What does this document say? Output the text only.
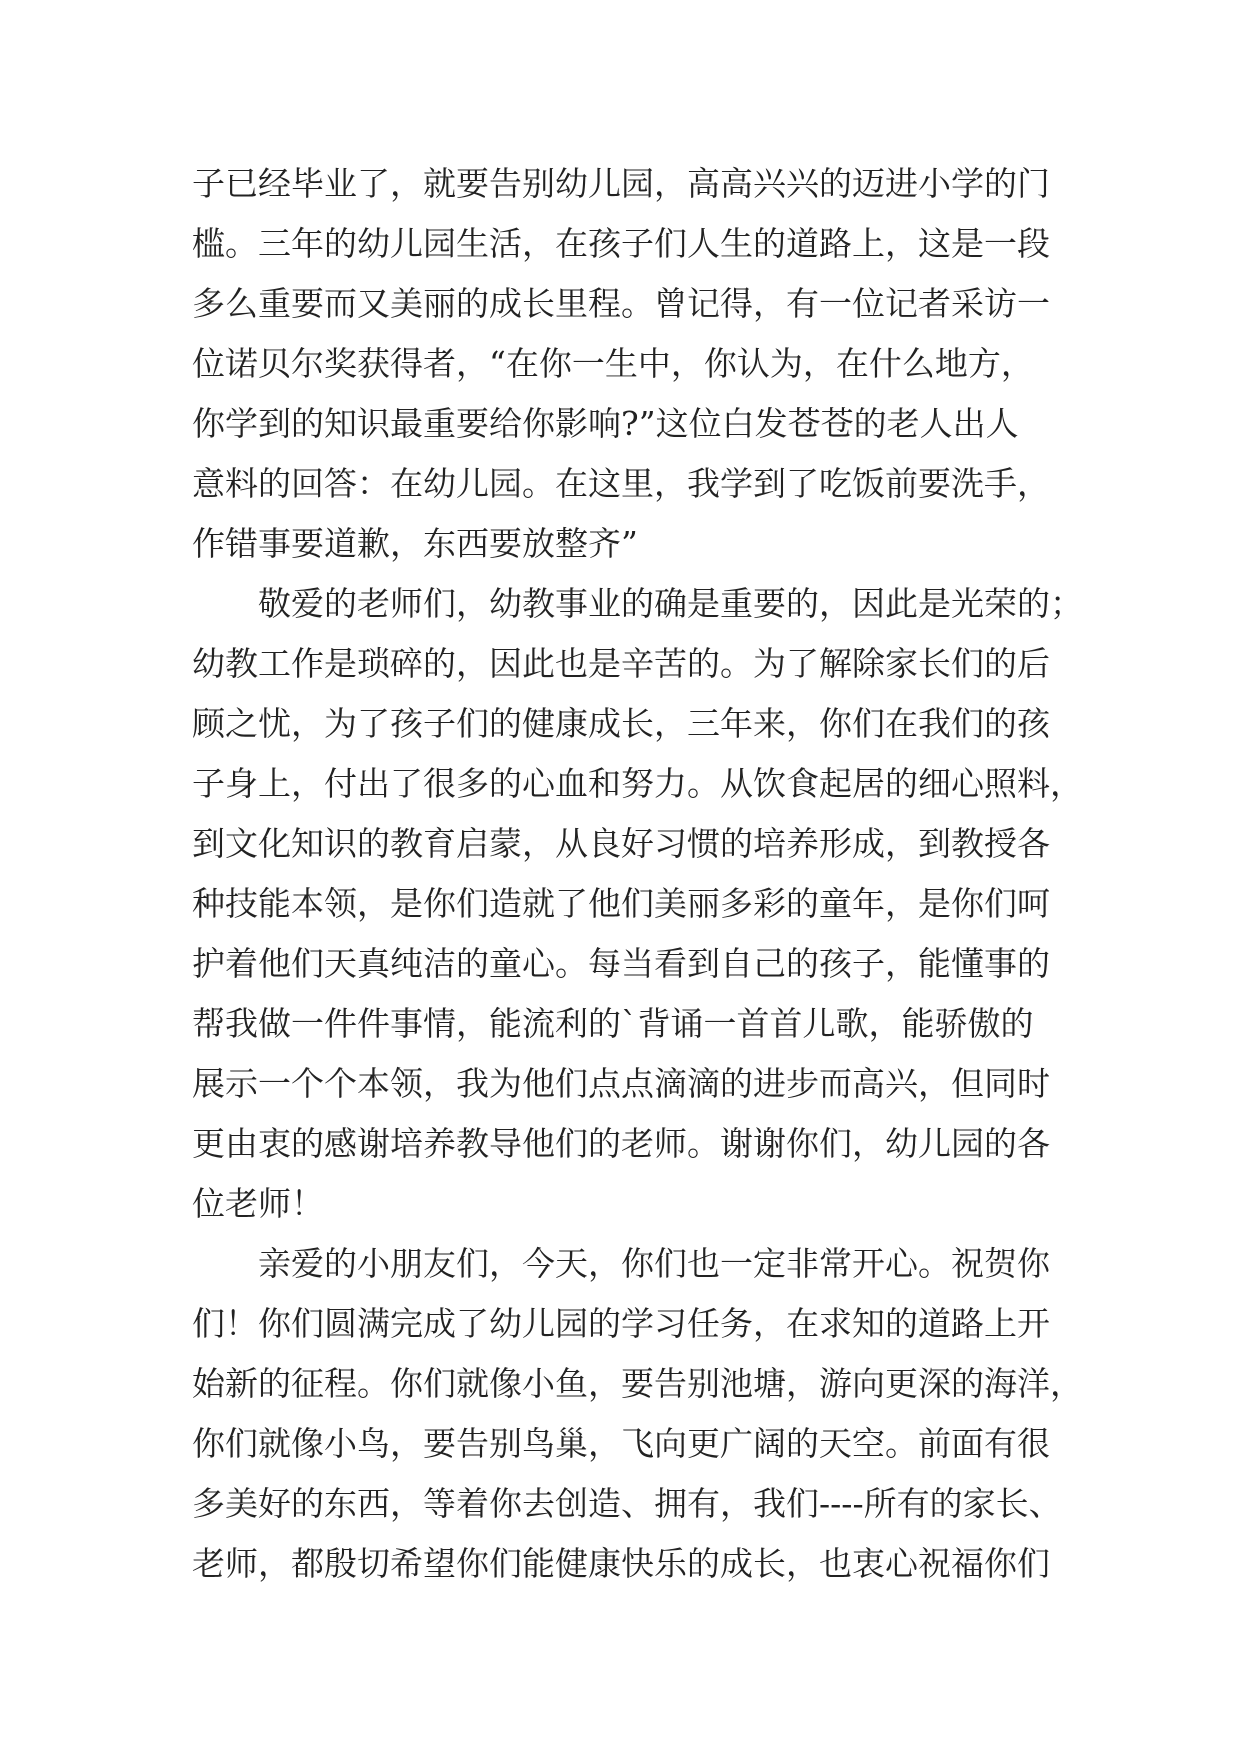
子已经毕业了，就要告别幼儿园，高高兴兴的迈进小学的门
槛。三年的幼儿园生活，在孩子们人生的道路上，这是一段
多么重要而又美丽的成长里程。曾记得，有一位记者采访一
位诺贝尔奖获得者，“在你一生中，你认为，在什么地方，
你学到的知识最重要给你影响?”这位白发苍苍的老人出人
意料的回答：在幼儿园。在这里，我学到了吃饭前要洗手，
作错事要道歉，东西要放整齐”
敬爱的老师们，幼教事业的确是重要的，因此是光荣的；
幼教工作是琐碎的，因此也是辛苦的。为了解除家长们的后
顾之忧，为了孩子们的健康成长，三年来，你们在我们的孩
子身上，付出了很多的心血和努力。从饮食起居的细心照料，
到文化知识的教育启蒙，从良好习惯的培养形成，到教授各
种技能本领，是你们造就了他们美丽多彩的童年，是你们呵
护着他们天真纯洁的童心。每当看到自己的孩子，能懂事的
帮我做一件件事情，能流利的`背诵一首首儿歌，能骄傲的
展示一个个本领，我为他们点点滴滴的进步而高兴，但同时
更由衷的感谢培养教导他们的老师。谢谢你们，幼儿园的各
位老师！
亲爱的小朋友们，今天，你们也一定非常开心。祝贺你
们！你们圆满完成了幼儿园的学习任务，在求知的道路上开
始新的征程。你们就像小鱼，要告别池塘，游向更深的海洋，
你们就像小鸟，要告别鸟巢，飞向更广阔的天空。前面有很
多美好的东西，等着你去创造、拥有，我们----所有的家长、
老师，都殷切希望你们能健康快乐的成长，也衷心祝福你们
